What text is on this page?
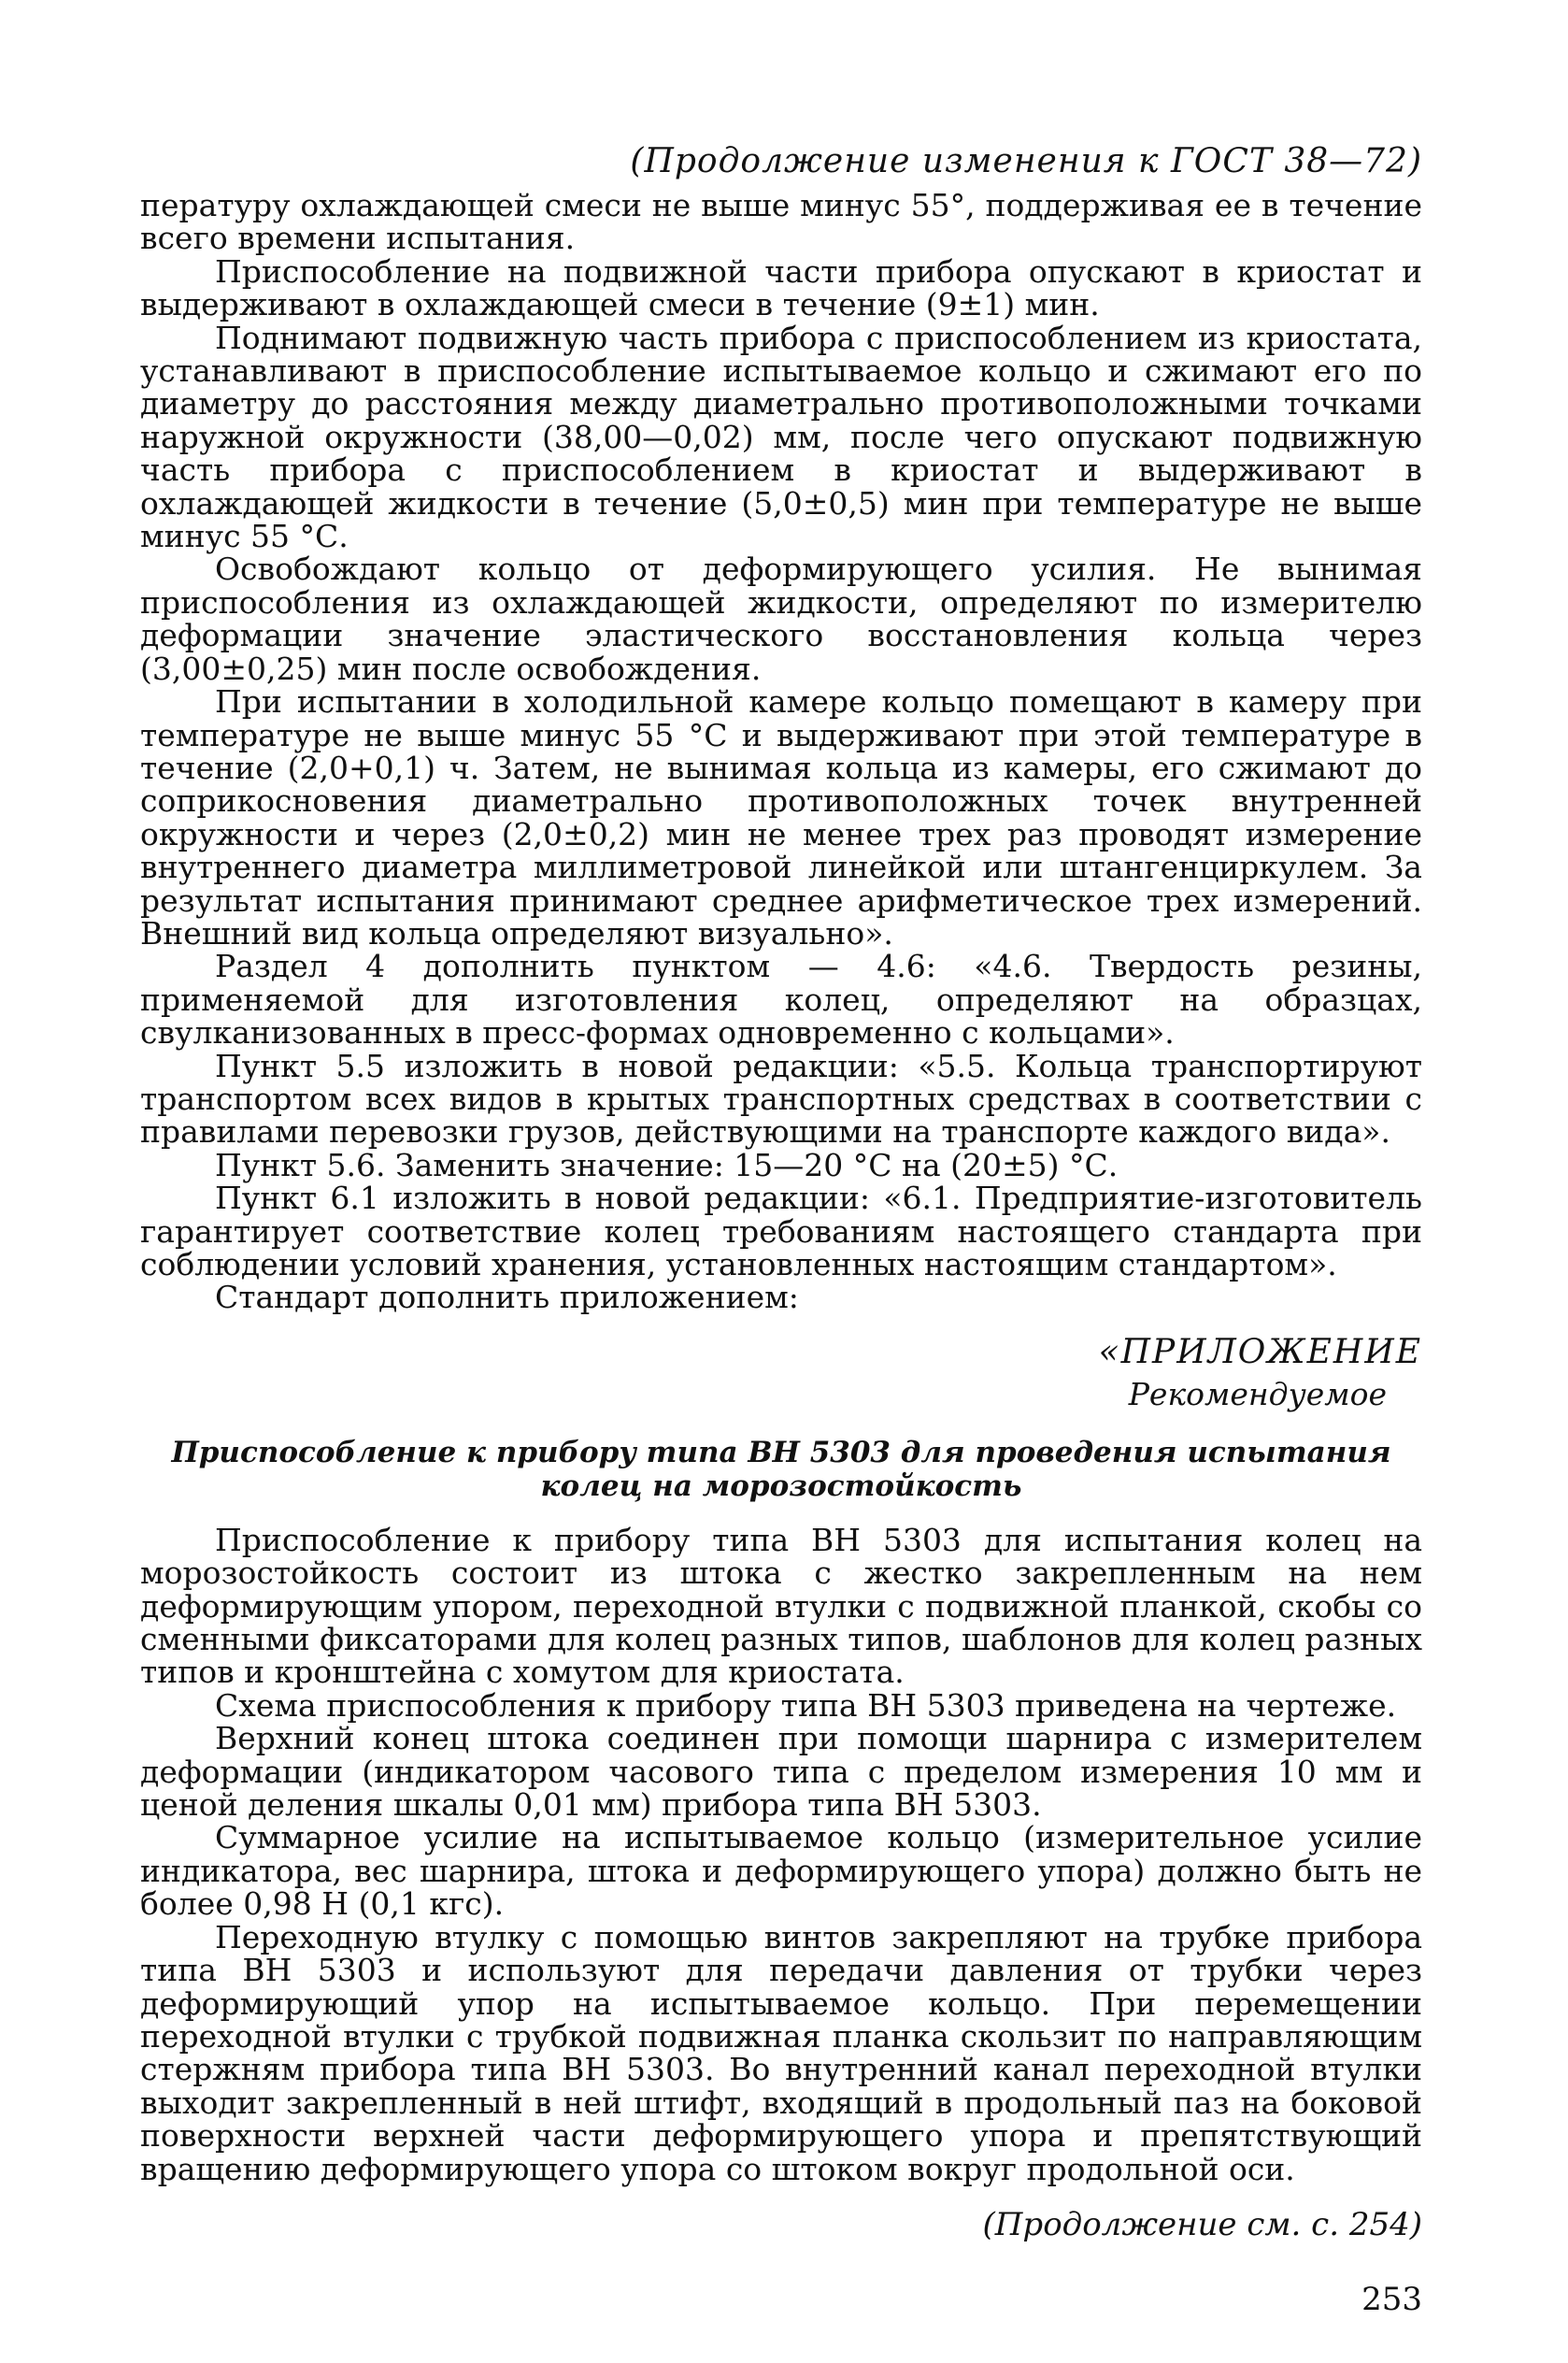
(Продолжение изменения к ГОСТ 38—72)

пературу охлаждающей смеси не выше минус 55°, поддерживая ее в течение всего времени испытания.

Приспособление на подвижной части прибора опускают в криостат и выдерживают в охлаждающей смеси в течение (9±1) мин.

Поднимают подвижную часть прибора с приспособлением из криостата, устанавливают в приспособление испытываемое кольцо и сжимают его по диаметру до расстояния между диаметрально противоположными точками наружной окружности (38,00—0,02) мм, после чего опускают подвижную часть прибора с приспособлением в криостат и выдерживают в охлаждающей жидкости в течение (5,0±0,5) мин при температуре не выше минус 55 °С.

Освобождают кольцо от деформирующего усилия. Не вынимая приспособления из охлаждающей жидкости, определяют по измерителю деформации значение эластического восстановления кольца через (3,00±0,25) мин после освобождения.

При испытании в холодильной камере кольцо помещают в камеру при температуре не выше минус 55 °С и выдерживают при этой температуре в течение (2,0+0,1) ч. Затем, не вынимая кольца из камеры, его сжимают до соприкосновения диаметрально противоположных точек внутренней окружности и через (2,0±0,2) мин не менее трех раз проводят измерение внутреннего диаметра миллиметровой линейкой или штангенциркулем. За результат испытания принимают среднее арифметическое трех измерений. Внешний вид кольца определяют визуально».

Раздел 4 дополнить пунктом — 4.6: «4.6. Твердость резины, применяемой для изготовления колец, определяют на образцах, свулканизованных в пресс-формах одновременно с кольцами».

Пункт 5.5 изложить в новой редакции: «5.5. Кольца транспортируют транспортом всех видов в крытых транспортных средствах в соответствии с правилами перевозки грузов, действующими на транспорте каждого вида».

Пункт 5.6. Заменить значение: 15—20 °С на (20±5) °С.

Пункт 6.1 изложить в новой редакции: «6.1. Предприятие-изготовитель гарантирует соответствие колец требованиям настоящего стандарта при соблюдении условий хранения, установленных настоящим стандартом».

Стандарт дополнить приложением:

«ПРИЛОЖЕНИЕ
Рекомендуемое
Приспособление к прибору типа ВН 5303 для проведения испытания
колец на морозостойкость

Приспособление к прибору типа ВН 5303 для испытания колец на морозостойкость состоит из штока с жестко закрепленным на нем деформирующим упором, переходной втулки с подвижной планкой, скобы со сменными фиксаторами для колец разных типов, шаблонов для колец разных типов и кронштейна с хомутом для криостата.

Схема приспособления к прибору типа ВН 5303 приведена на чертеже.

Верхний конец штока соединен при помощи шарнира с измерителем деформации (индикатором часового типа с пределом измерения 10 мм и ценой деления шкалы 0,01 мм) прибора типа ВН 5303.

Суммарное усилие на испытываемое кольцо (измерительное усилие индикатора, вес шарнира, штока и деформирующего упора) должно быть не более 0,98 Н (0,1 кгс).

Переходную втулку с помощью винтов закрепляют на трубке прибора типа ВН 5303 и используют для передачи давления от трубки через деформирующий упор на испытываемое кольцо. При перемещении переходной втулки с трубкой подвижная планка скользит по направляющим стержням прибора типа ВН 5303. Во внутренний канал переходной втулки выходит закрепленный в ней штифт, входящий в продольный паз на боковой поверхности верхней части деформирующего упора и препятствующий вращению деформирующего упора со штоком вокруг продольной оси.

(Продолжение см. с. 254)
253
